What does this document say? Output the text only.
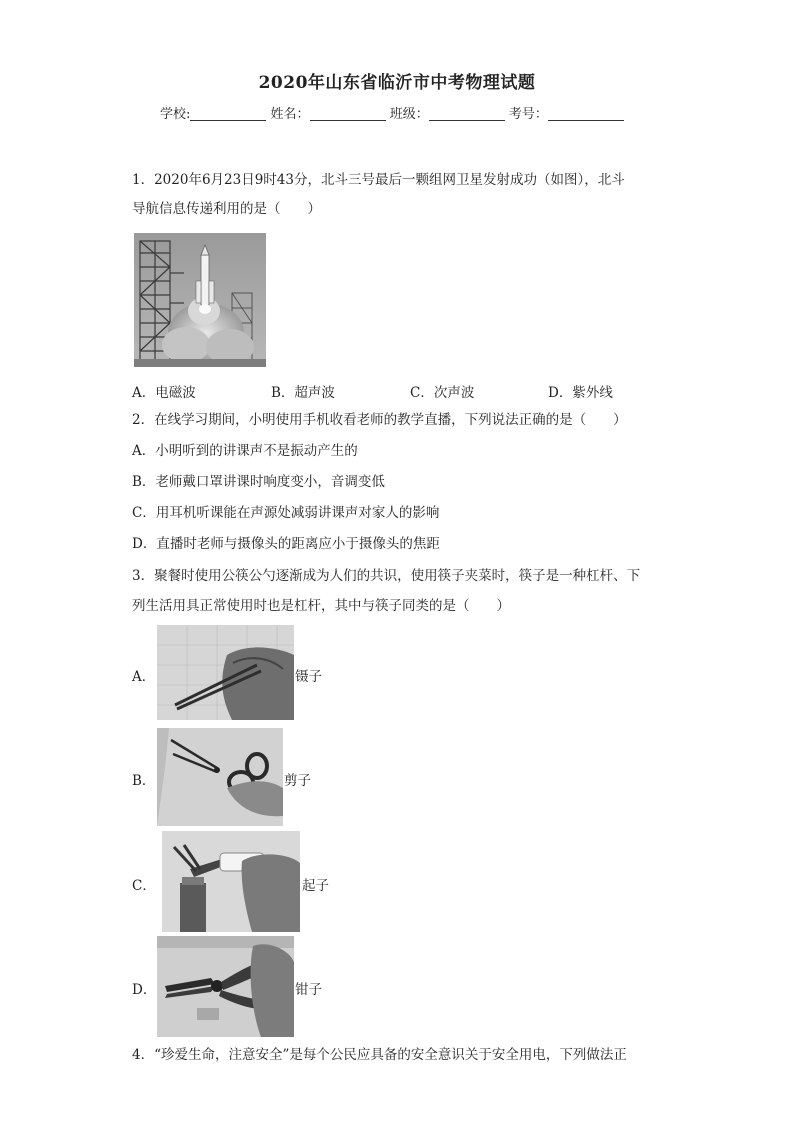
2020年山东省临沂市中考物理试题
学校:	姓名：	班级：	考号：
1．2020年6月23日9时43分，北斗三号最后一颗组网卫星发射成功（如图），北斗
导航信息传递利用的是（　　）
A．电磁波	B．超声波	C．次声波	D．紫外线
2．在线学习期间，小明使用手机收看老师的教学直播，下列说法正确的是（　　）
A．小明听到的讲课声不是振动产生的
B．老师戴口罩讲课时响度变小，音调变低
C．用耳机听课能在声源处减弱讲课声对家人的影响
D．直播时老师与摄像头的距离应小于摄像头的焦距
3．聚餐时使用公筷公勺逐渐成为人们的共识，使用筷子夹菜时，筷子是一种杠杆、下
列生活用具正常使用时也是杠杆，其中与筷子同类的是（　　）
A．	镊子
B．	剪子
C．	起子
D．	钳子
4．“珍爱生命，注意安全”是每个公民应具备的安全意识关于安全用电，下列做法正
